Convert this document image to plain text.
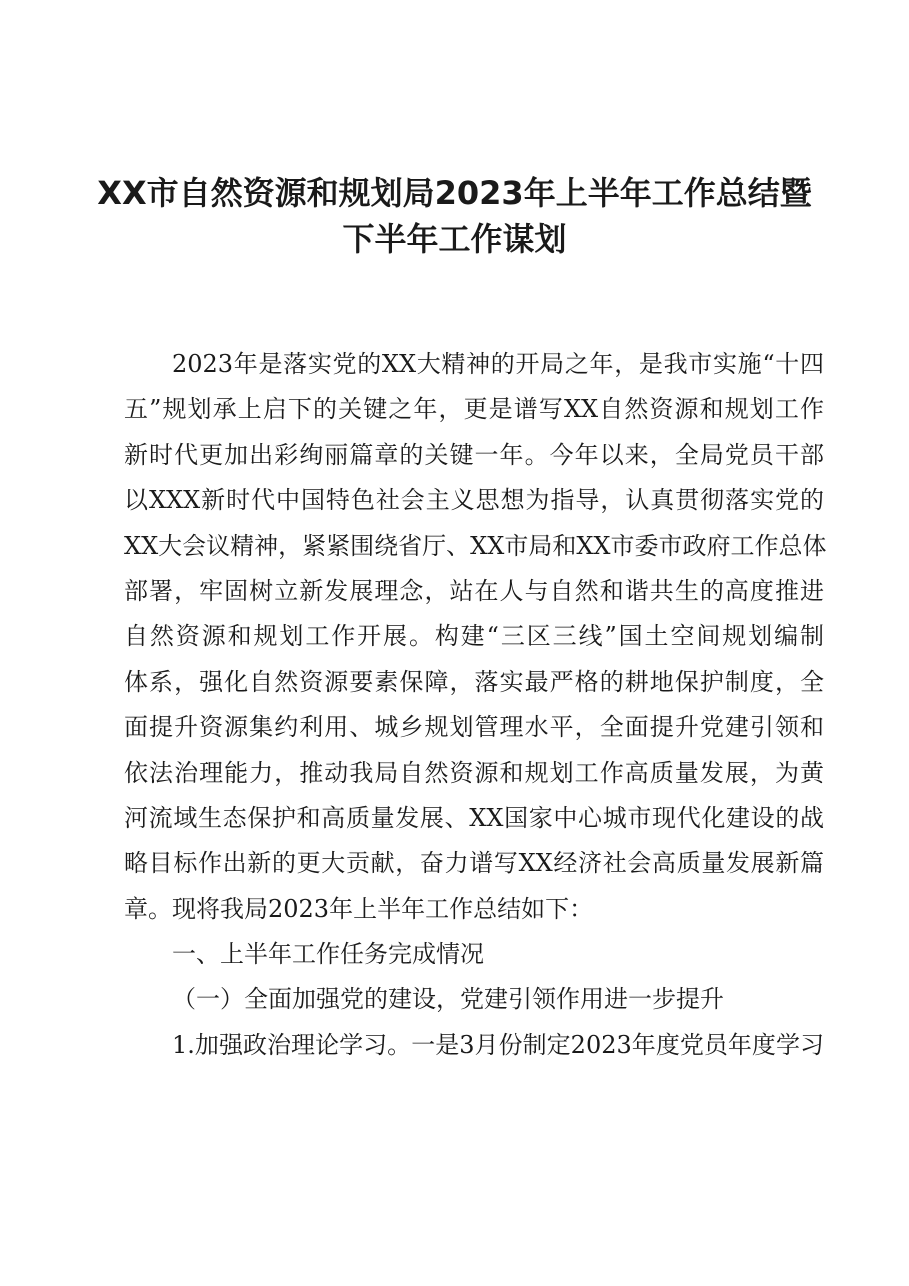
XX市自然资源和规划局2023年上半年工作总结暨
下半年工作谋划

2023年是落实党的XX大精神的开局之年，是我市实施“十四
五”规划承上启下的关键之年，更是谱写XX自然资源和规划工作
新时代更加出彩绚丽篇章的关键一年。今年以来，全局党员干部
以XXX新时代中国特色社会主义思想为指导，认真贯彻落实党的
XX大会议精神，紧紧围绕省厅、XX市局和XX市委市政府工作总体
部署，牢固树立新发展理念，站在人与自然和谐共生的高度推进
自然资源和规划工作开展。构建“三区三线”国土空间规划编制
体系，强化自然资源要素保障，落实最严格的耕地保护制度，全
面提升资源集约利用、城乡规划管理水平，全面提升党建引领和
依法治理能力，推动我局自然资源和规划工作高质量发展，为黄
河流域生态保护和高质量发展、XX国家中心城市现代化建设的战
略目标作出新的更大贡献，奋力谱写XX经济社会高质量发展新篇
章。现将我局2023年上半年工作总结如下：

一、上半年工作任务完成情况

（一）全面加强党的建设，党建引领作用进一步提升

1.加强政治理论学习。一是3月份制定2023年度党员年度学习
